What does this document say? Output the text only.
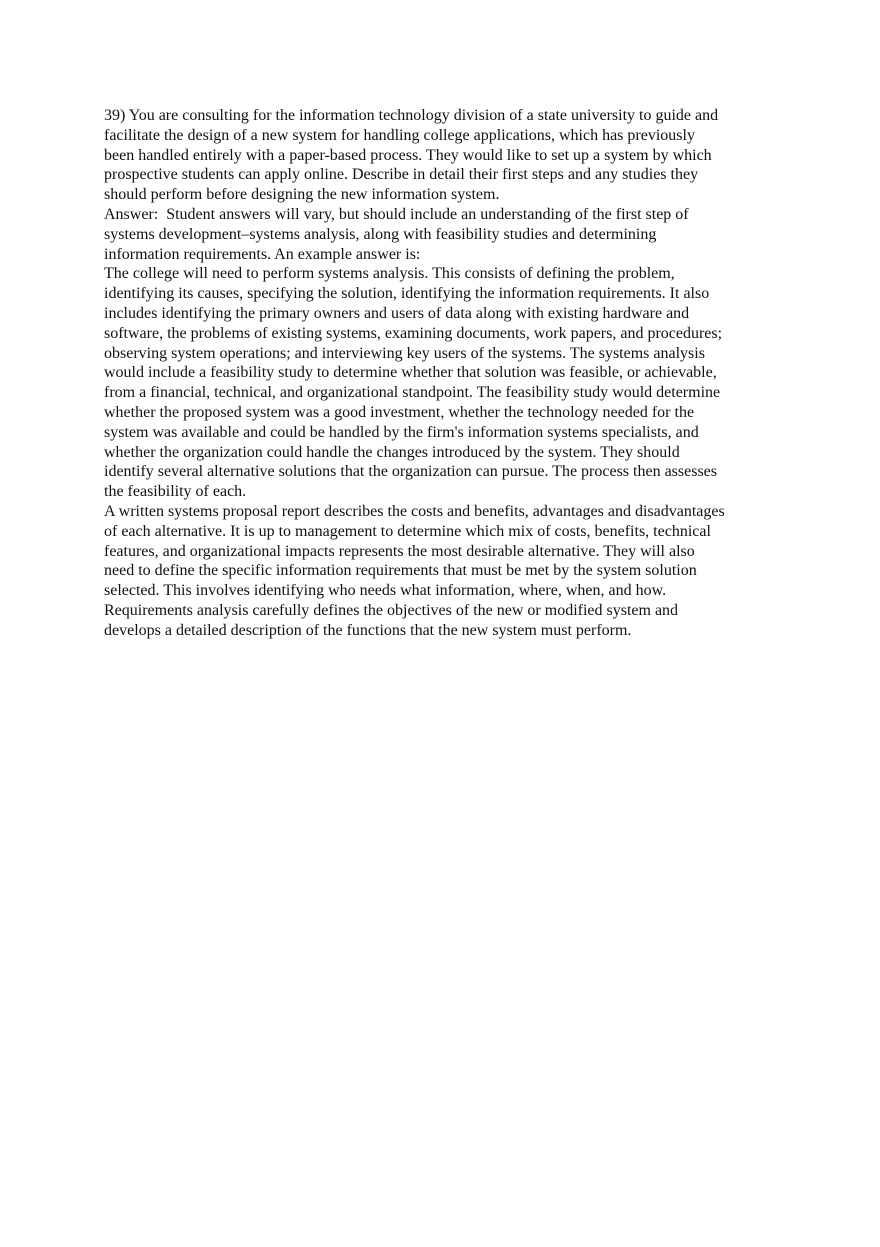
39) You are consulting for the information technology division of a state university to guide and
facilitate the design of a new system for handling college applications, which has previously
been handled entirely with a paper-based process. They would like to set up a system by which
prospective students can apply online. Describe in detail their first steps and any studies they
should perform before designing the new information system.
Answer:  Student answers will vary, but should include an understanding of the first step of
systems development–systems analysis, along with feasibility studies and determining
information requirements. An example answer is:
The college will need to perform systems analysis. This consists of defining the problem,
identifying its causes, specifying the solution, identifying the information requirements. It also
includes identifying the primary owners and users of data along with existing hardware and
software, the problems of existing systems, examining documents, work papers, and procedures;
observing system operations; and interviewing key users of the systems. The systems analysis
would include a feasibility study to determine whether that solution was feasible, or achievable,
from a financial, technical, and organizational standpoint. The feasibility study would determine
whether the proposed system was a good investment, whether the technology needed for the
system was available and could be handled by the firm's information systems specialists, and
whether the organization could handle the changes introduced by the system. They should
identify several alternative solutions that the organization can pursue. The process then assesses
the feasibility of each.
A written systems proposal report describes the costs and benefits, advantages and disadvantages
of each alternative. It is up to management to determine which mix of costs, benefits, technical
features, and organizational impacts represents the most desirable alternative. They will also
need to define the specific information requirements that must be met by the system solution
selected. This involves identifying who needs what information, where, when, and how.
Requirements analysis carefully defines the objectives of the new or modified system and
develops a detailed description of the functions that the new system must perform.
